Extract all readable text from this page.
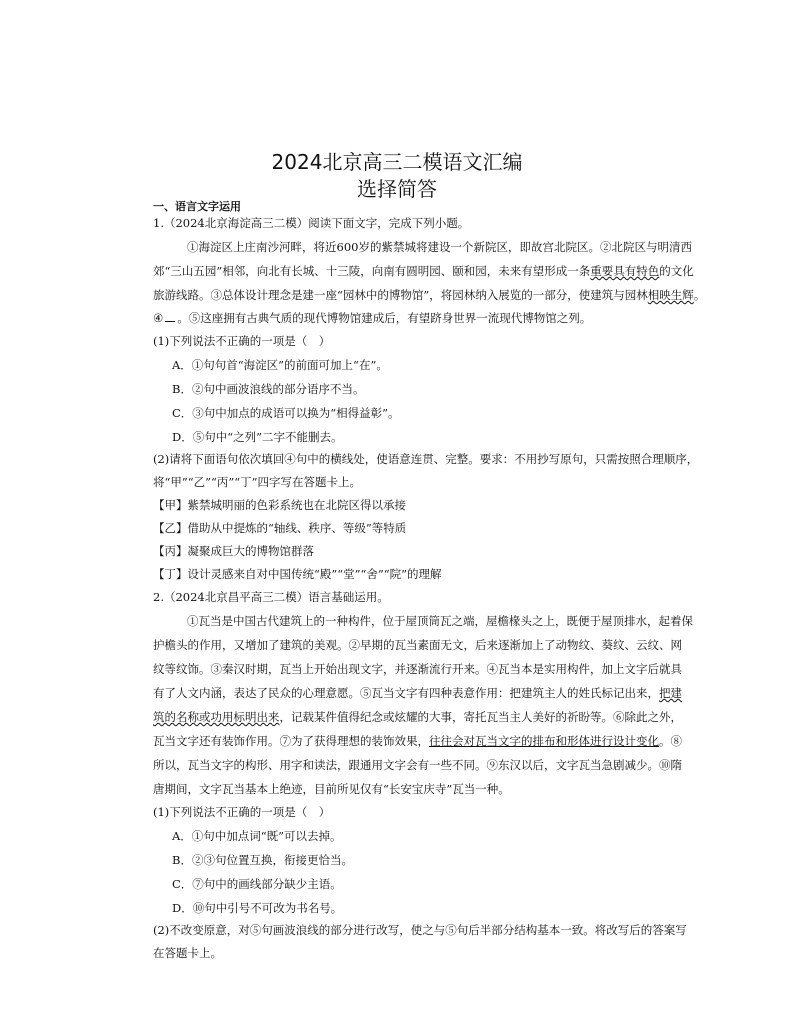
2024北京高三二模语文汇编
选择简答
一、语言文字运用
1.（2024北京海淀高三二模）阅读下面文字，完成下列小题。
①海淀区上庄南沙河畔，将近600岁的紫禁城将建设一个新院区，即故宫北院区。②北院区与明清西
郊“三山五园”相邻，向北有长城、十三陵，向南有圆明园、颐和园，未来有望形成一条重要具有特色的文化
旅游线路。③总体设计理念是建一座“园林中的博物馆”，将园林纳入展览的一部分，使建筑与园林相映生辉。
④ 。⑤这座拥有古典气质的现代博物馆建成后，有望跻身世界一流现代博物馆之列。
(1)下列说法不正确的一项是（　）
A．①句句首“海淀区”的前面可加上“在”。
B．②句中画波浪线的部分语序不当。
C．③句中加点的成语可以换为“相得益彰”。
D．⑤句中“之列”二字不能删去。
(2)请将下面语句依次填回④句中的横线处，使语意连贯、完整。要求：不用抄写原句，只需按照合理顺序，
将“甲”“乙”“丙”“丁”四字写在答题卡上。
【甲】紫禁城明丽的色彩系统也在北院区得以承接
【乙】借助从中提炼的“轴线、秩序、等级”等特质
【丙】凝聚成巨大的博物馆群落
【丁】设计灵感来自对中国传统“殿”“堂”“舍”“院”的理解
2.（2024北京昌平高三二模）语言基础运用。
①瓦当是中国古代建筑上的一种构件，位于屋顶筒瓦之端，屋檐椽头之上，既便于屋顶排水，起着保
护檐头的作用，又增加了建筑的美观。②早期的瓦当素面无文，后来逐渐加上了动物纹、葵纹、云纹、网
纹等纹饰。③秦汉时期，瓦当上开始出现文字，并逐渐流行开来。④瓦当本是实用构件，加上文字后就具
有了人文内涵，表达了民众的心理意愿。⑤瓦当文字有四种表意作用：把建筑主人的姓氏标记出来，把建
筑的名称或功用标明出来，记载某件值得纪念或炫耀的大事，寄托瓦当主人美好的祈盼等。⑥除此之外，
瓦当文字还有装饰作用。⑦为了获得理想的装饰效果，往往会对瓦当文字的排布和形体进行设计变化。⑧
所以，瓦当文字的构形、用字和读法，跟通用文字会有一些不同。⑨东汉以后，文字瓦当急剧减少。⑩隋
唐期间，文字瓦当基本上绝迹，目前所见仅有“长安宝庆寺”瓦当一种。
(1)下列说法不正确的一项是（　）
A．①句中加点词“既”可以去掉。
B．②③句位置互换，衔接更恰当。
C．⑦句中的画线部分缺少主语。
D．⑩句中引号不可改为书名号。
(2)不改变原意，对⑤句画波浪线的部分进行改写，使之与⑤句后半部分结构基本一致。将改写后的答案写
在答题卡上。
